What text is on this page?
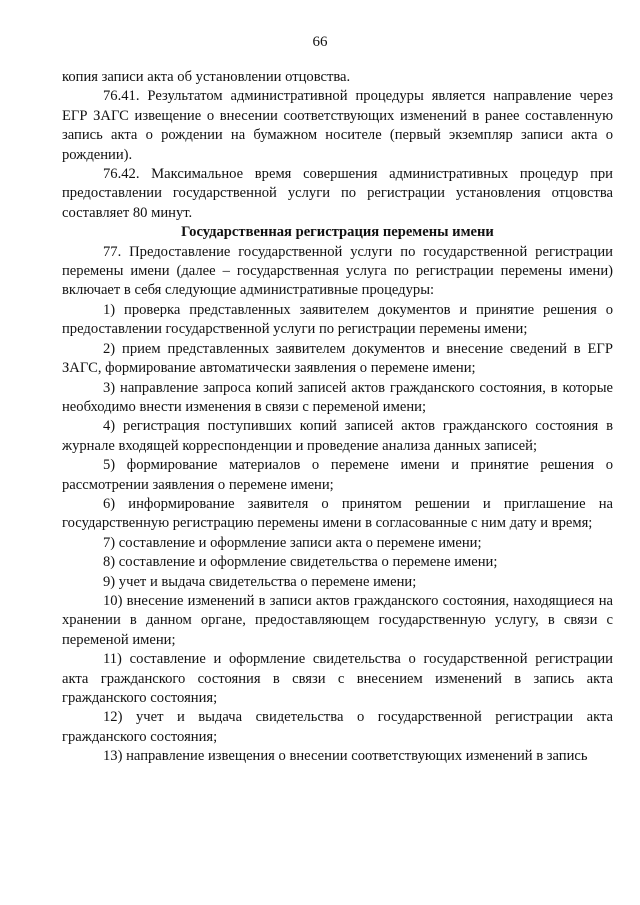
66

копия записи акта об установлении отцовства.

76.41. Результатом административной процедуры является направление через ЕГР ЗАГС извещение о внесении соответствующих изменений в ранее составленную запись акта о рождении на бумажном носителе (первый экземпляр записи акта о рождении).

76.42. Максимальное время совершения административных процедур при предоставлении государственной услуги по регистрации установления отцовства составляет 80 минут.

Государственная регистрация перемены имени

77. Предоставление государственной услуги по государственной регистрации перемены имени (далее – государственная услуга по регистрации перемены имени) включает в себя следующие административные процедуры:

1) проверка представленных заявителем документов и принятие решения о предоставлении государственной услуги по регистрации перемены имени;

2) прием представленных заявителем документов и внесение сведений в ЕГР ЗАГС, формирование автоматически заявления о перемене имени;

3) направление запроса копий записей актов гражданского состояния, в которые необходимо внести изменения в связи с переменой имени;

4) регистрация поступивших копий записей актов гражданского состояния в журнале входящей корреспонденции и проведение анализа данных записей;

5) формирование материалов о перемене имени и принятие решения о рассмотрении заявления о перемене имени;

6) информирование заявителя о принятом решении и приглашение на государственную регистрацию перемены имени в согласованные с ним дату и время;

7) составление и оформление записи акта о перемене имени;

8) составление и оформление свидетельства о перемене имени;

9) учет и выдача свидетельства о перемене имени;

10) внесение изменений в записи актов гражданского состояния, находящиеся на хранении в данном органе, предоставляющем государственную услугу, в связи с переменой имени;

11) составление и оформление свидетельства о государственной регистрации акта гражданского состояния в связи с внесением изменений в запись акта гражданского состояния;

12) учет и выдача свидетельства о государственной регистрации акта гражданского состояния;

13) направление извещения о внесении соответствующих изменений в запись
